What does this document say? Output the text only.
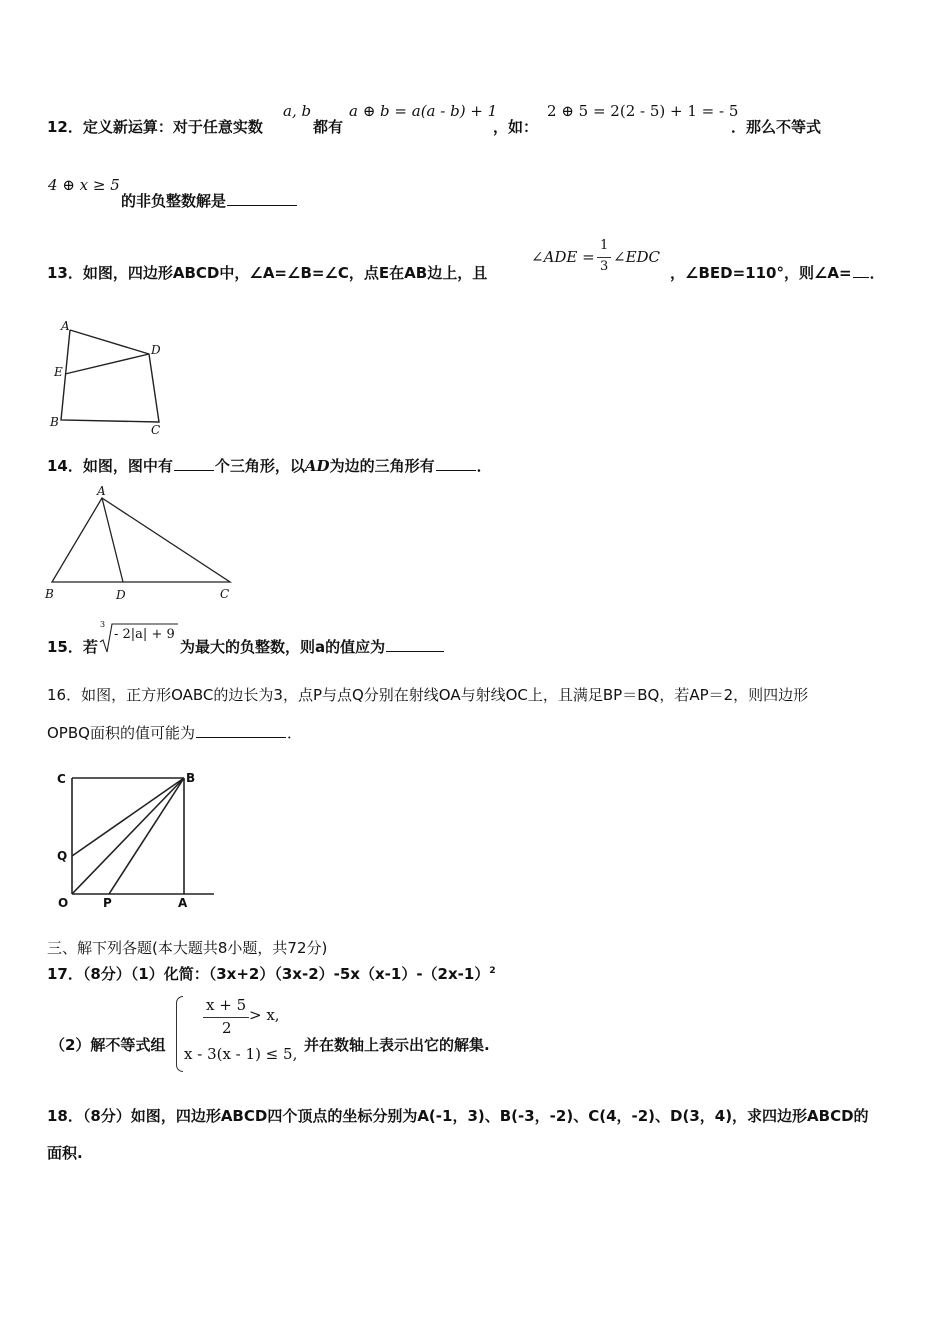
12．定义新运算：对于任意实数
a, b
都有
a ⊕ b = a(a - b) + 1
，如：
2 ⊕ 5 = 2(2 - 5) + 1 = - 5
．那么不等式
4 ⊕ x ≥ 5
的非负整数解是
13．如图，四边形ABCD中，∠A=∠B=∠C，点E在AB边上，且
∠ADE =
1
3
∠EDC
，∠BED=110°，则∠A= ．
A
D
E
B
C
14．如图，图中有	个三角形，以AD为边的三角形有	．
A
B	D	C
15．若
3
- 2|a| + 9
为最大的负整数，则a的值应为
16．如图，正方形OABC的边长为3，点P与点Q分别在射线OA与射线OC上，且满足BP＝BQ，若AP＝2，则四边形
OPBQ面积的值可能为	．
C	B
Q
O	P	A
三、解下列各题(本大题共8小题，共72分)
17．（8分）（1）化简：$(3x+2)(3x-2)-5x(x-1)-(2x-1)^2$
（2）解不等式组
x + 5
2
> x,
x - 3(x - 1) ≤ 5, 并在数轴上表示出它的解集.
18．（8分）如图，四边形ABCD四个顶点的坐标分别为A(-1，3)、B(-3，-2)、C(4，-2)、D(3，4)，求四边形ABCD的
面积.
